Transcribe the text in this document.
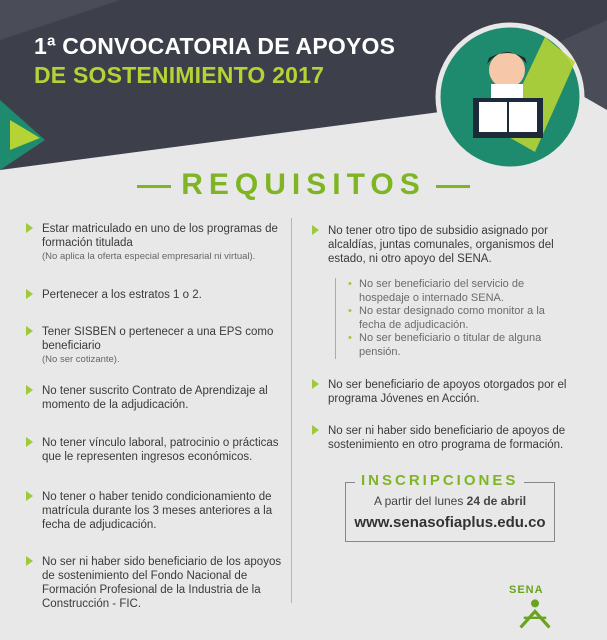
1ª CONVOCATORIA DE APOYOS
DE SOSTENIMIENTO 2017
REQUISITOS
Estar matriculado en uno de los programas de formación titulada
(No aplica la oferta especial empresarial ni virtual).
Pertenecer a los estratos 1 o 2.
Tener SISBEN o pertenecer a una EPS como beneficiario
(No ser cotizante).
No tener suscrito Contrato de Aprendizaje al momento de la adjudicación.
No tener vínculo laboral, patrocinio o prácticas que le representen ingresos económicos.
No tener o haber tenido condicionamiento de matrícula durante los 3 meses anteriores a la fecha de adjudicación.
No ser ni haber sido beneficiario de los apoyos de sostenimiento del Fondo Nacional de Formación Profesional de la Industria de la Construcción - FIC.
No tener otro tipo de subsidio asignado por alcaldías, juntas comunales, organismos del estado, ni otro apoyo del SENA.
No ser beneficiario de apoyos otorgados por el programa Jóvenes en Acción.
No ser ni haber sido beneficiario de apoyos de sostenimiento en otro programa de formación.
• No ser beneficiario del servicio de hospedaje o internado SENA.
• No estar designado como monitor a la fecha de adjudicación.
• No ser beneficiario o titular de alguna pensión.
INSCRIPCIONES
A partir del lunes 24 de abril
www.senasofiaplus.edu.co
SENA
